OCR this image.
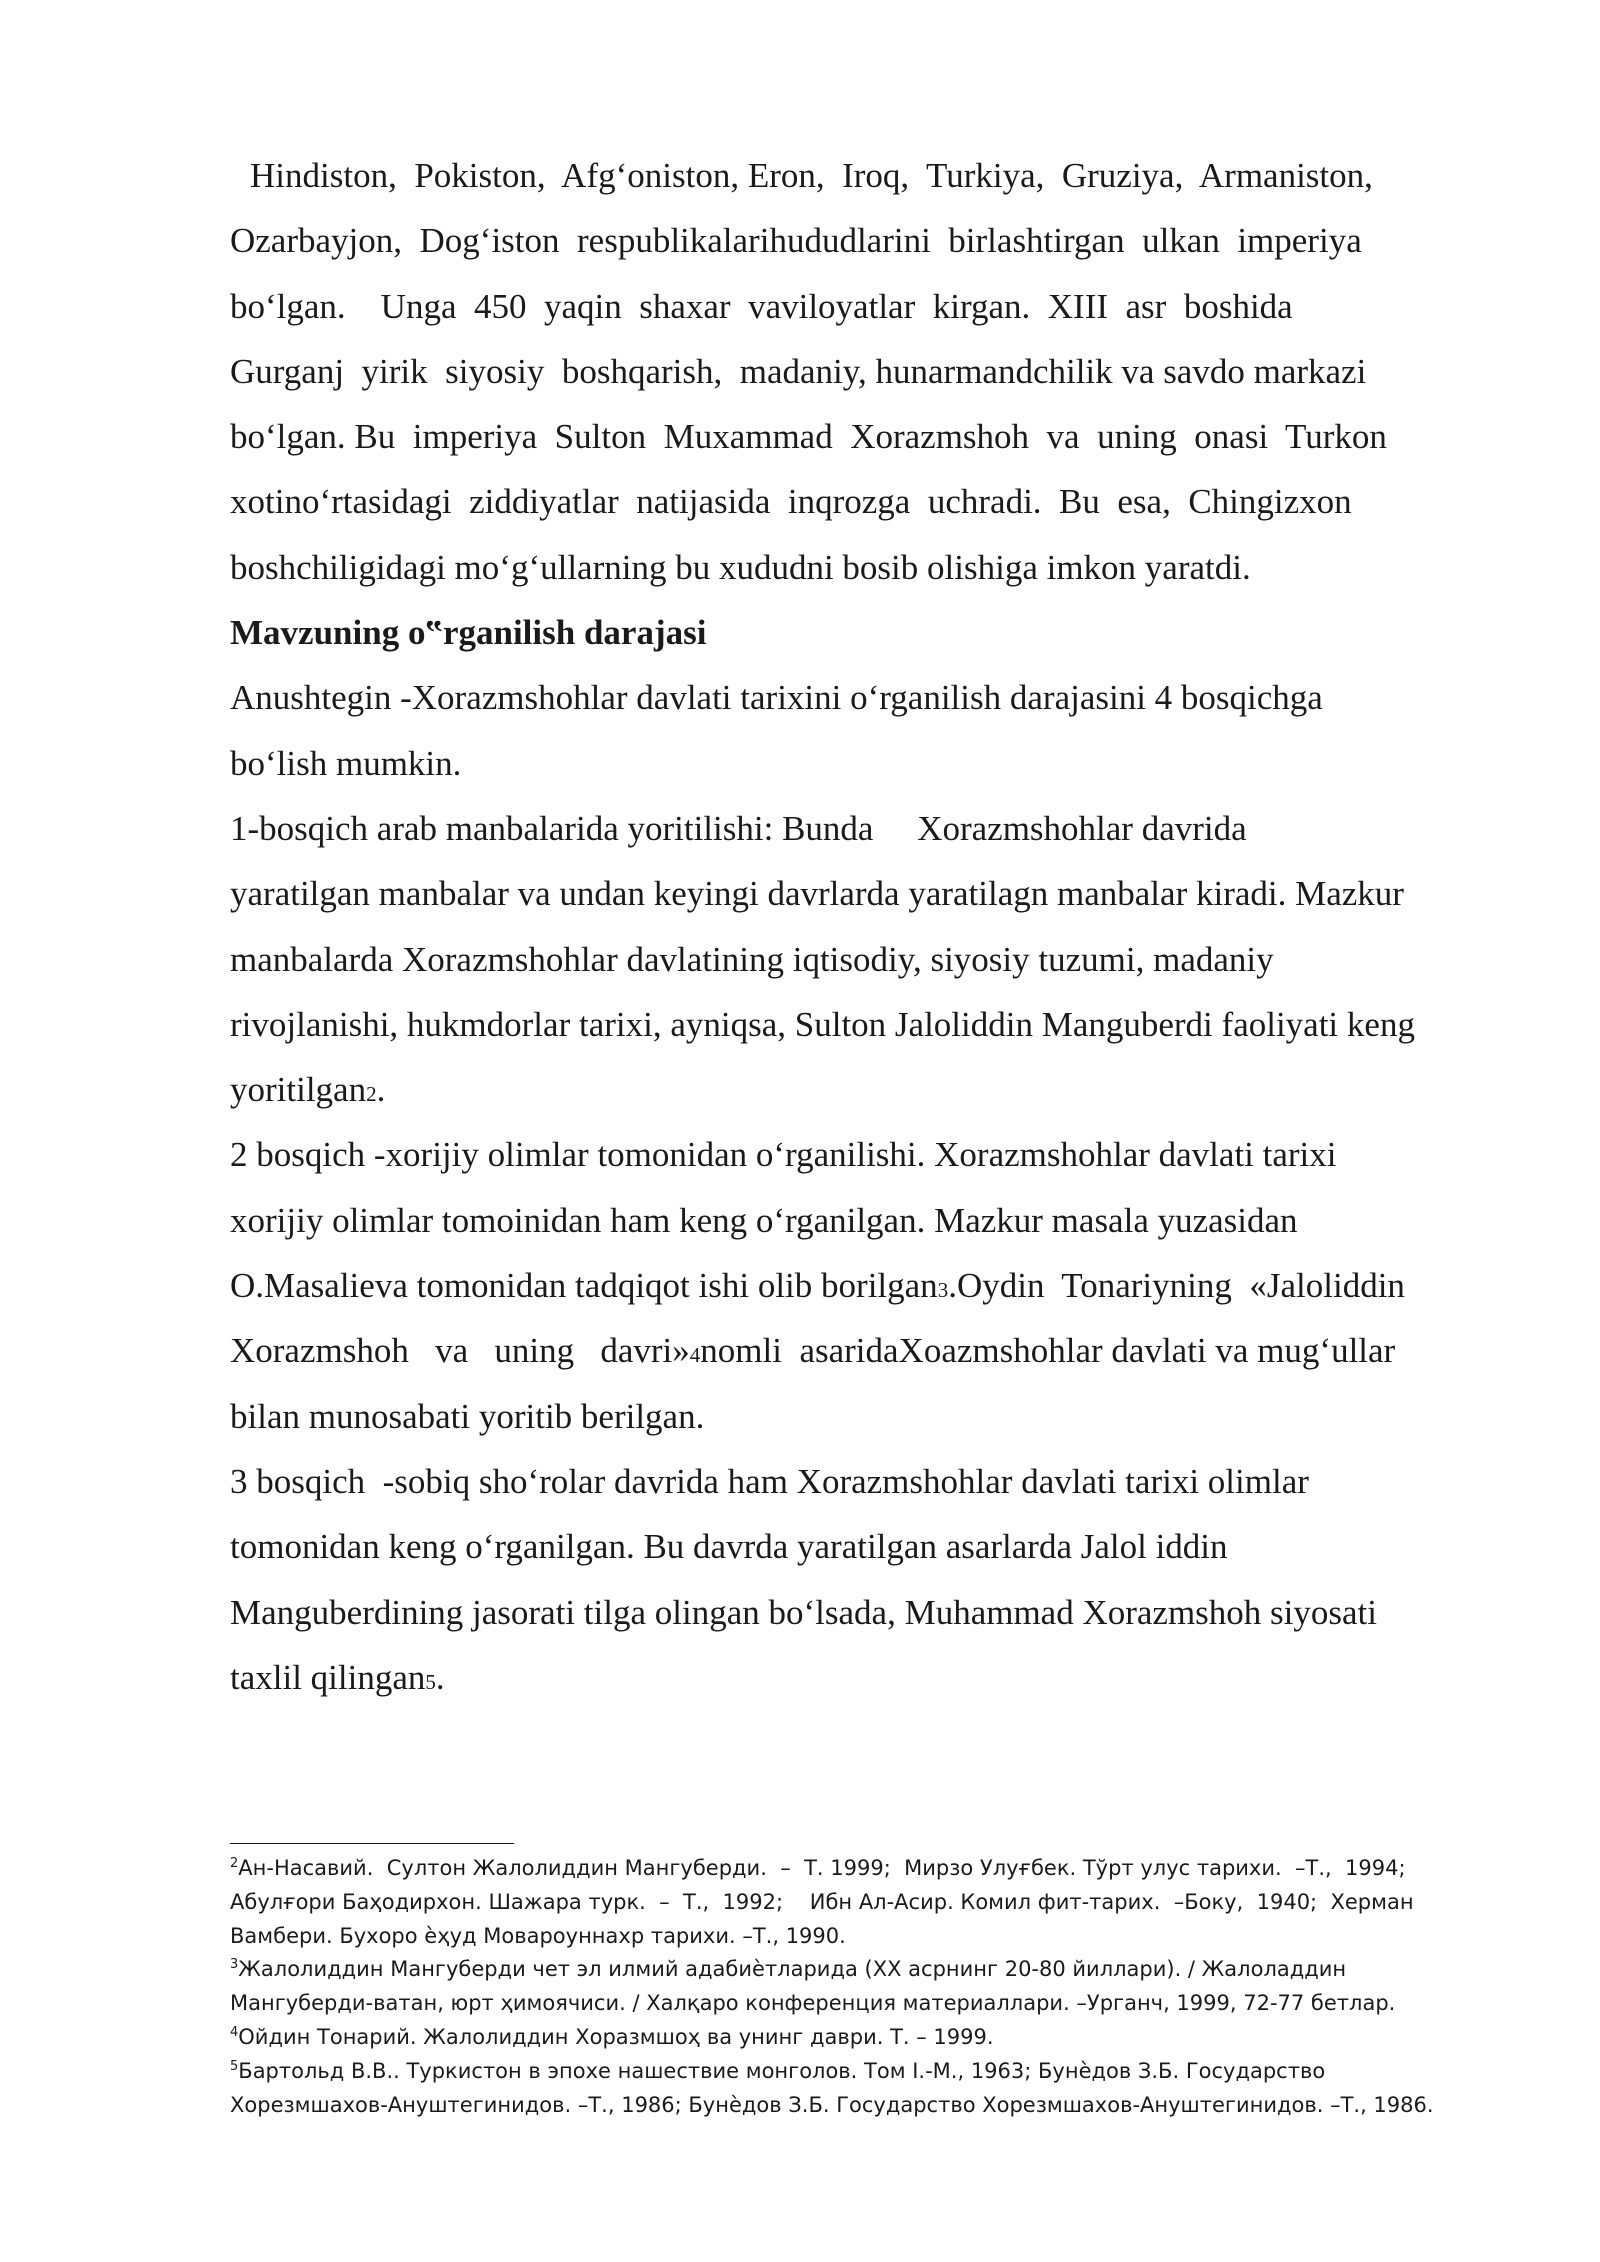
Hindiston,  Pokiston,  Afg‘oniston, Eron,  Iroq,  Turkiya,  Gruziya,  Armaniston,
Ozarbayjon,  Dog‘iston  respublikalarihududlarini  birlashtirgan  ulkan  imperiya
bo‘lgan.    Unga  450  yaqin  shaxar  vaviloyatlar  kirgan.  XIII  asr  boshida
Gurganj  yirik  siyosiy  boshqarish,  madaniy, hunarmandchilik va savdo markazi
bo‘lgan. Bu  imperiya  Sulton  Muxammad  Xorazmshoh  va  uning  onasi  Turkon
xotino‘rtasidagi  ziddiyatlar  natijasida  inqrozga  uchradi.  Bu  esa,  Chingizxon
boshchiligidagi mo‘g‘ullarning bu xududni bosib olishiga imkon yaratdi.
Mavzuning o‟rganilish darajasi
Anushtegin -Xorazmshohlar davlati tarixini o‘rganilish darajasini 4 bosqichga
bo‘lish mumkin.
1-bosqich arab manbalarida yoritilishi: Bunda     Xorazmshohlar davrida
yaratilgan manbalar va undan keyingi davrlarda yaratilagn manbalar kiradi. Mazkur
manbalarda Xorazmshohlar davlatining iqtisodiy, siyosiy tuzumi, madaniy
rivojlanishi, hukmdorlar tarixi, ayniqsa, Sulton Jaloliddin Manguberdi faoliyati keng
yoritilgan 2 .
2 bosqich -xorijiy olimlar tomonidan o‘rganilishi. Xorazmshohlar davlati tarixi
xorijiy olimlar tomoinidan ham keng o‘rganilgan. Mazkur masala yuzasidan
O.Masalieva tomonidan tadqiqot ishi olib borilgan 3 .Oydin  Tonariyning  «Jaloliddin
Xorazmshoh   va   uning   davri» 4 nomli  asaridaXoazmshohlar davlati va mug‘ullar
bilan munosabati yoritib berilgan.
3 bosqich  -sobiq sho‘rolar davrida ham Xorazmshohlar davlati tarixi olimlar
tomonidan keng o‘rganilgan. Bu davrda yaratilgan asarlarda Jalol iddin
Manguberdining jasorati tilga olingan bo‘lsada, Muhammad Xorazmshoh siyosati
taxlil qilingan 5 .
$^2$Ан-Насавий.  Султон Жалолиддин Мангуберди.  –  Т. 1999;  Мирзо Улуғбек. Тўрт улус тарихи.  –Т.,  1994;
Абулғори Баҳодирхон. Шажара турк.  –  Т.,  1992;    Ибн Ал-Асир. Комил фит-тарих.  –Боку,  1940;  Херман
Вамбери. Бухоро ѐҳуд Мовароуннахр тарихи. –Т., 1990.
$^3$Жалолиддин Мангуберди чет эл илмий адабиѐтларида (XX асрнинг 20-80 йиллари). / Жалоладдин
Мангуберди-ватан, юрт ҳимоячиси. / Халқаро конференция материаллари. –Урганч, 1999, 72-77 бетлар.
$^4$Ойдин Тонарий. Жалолиддин Хоразмшоҳ ва унинг даври. Т. – 1999.
$^5$Бартольд В.В.. Туркистон в эпохе нашествие монголов. Том I.-М., 1963; Бунѐдов З.Б. Государство
Хорезмшахов-Ануштегинидов. –Т., 1986; Бунѐдов З.Б. Государство Хорезмшахов-Ануштегинидов. –Т., 1986.
